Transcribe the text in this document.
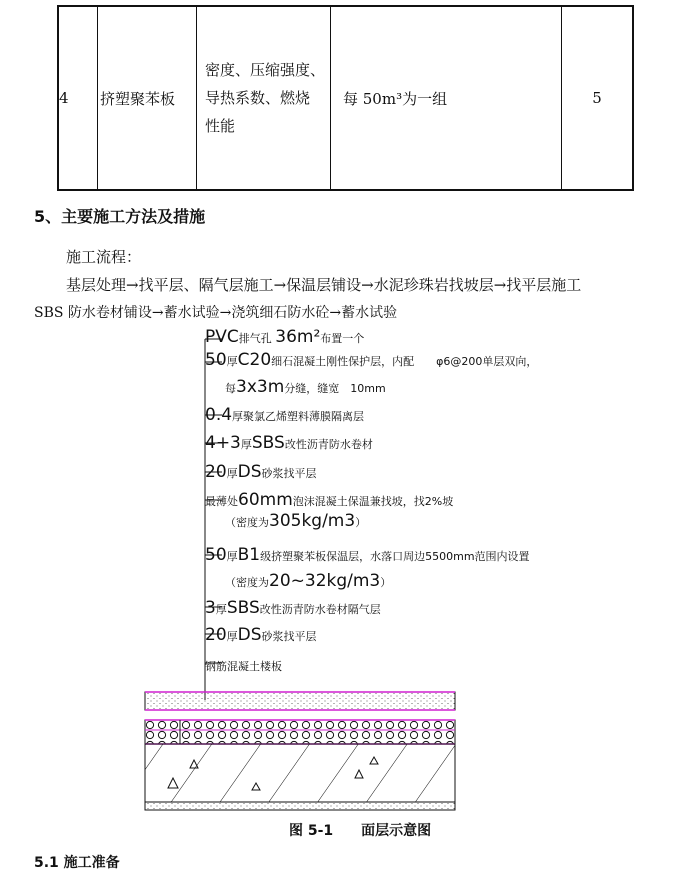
4 挤塑聚苯板
密度、压缩强度、
导热系数、燃烧
性能
每 50m³为一组	5
5、主要施工方法及措施
施工流程：
基层处理→找平层、隔气层施工→保温层铺设→水泥珍珠岩找坡层→找平层施工
SBS 防水卷材铺设→蓄水试验→浇筑细石防水砼→蓄水试验
PVC排气孔 36m²布置一个
50厚C20细石混凝土刚性保护层，内配　　φ6@200单层双向，
每3x3m分缝，缝宽　10mm
0.4厚聚氯乙烯塑料薄膜隔离层
4+3厚SBS改性沥青防水卷材
20厚DS砂浆找平层
最薄处60mm泡沫混凝土保温兼找坡，找2%坡
（密度为305kg/m3）
50厚B1级挤塑聚苯板保温层，水落口周边5500mm范围内设置
（密度为20~32kg/m3）
3厚SBS改性沥青防水卷材隔气层
20厚DS砂浆找平层
钢筋混凝土楼板
图 5-1　　面层示意图
5.1 施工准备
